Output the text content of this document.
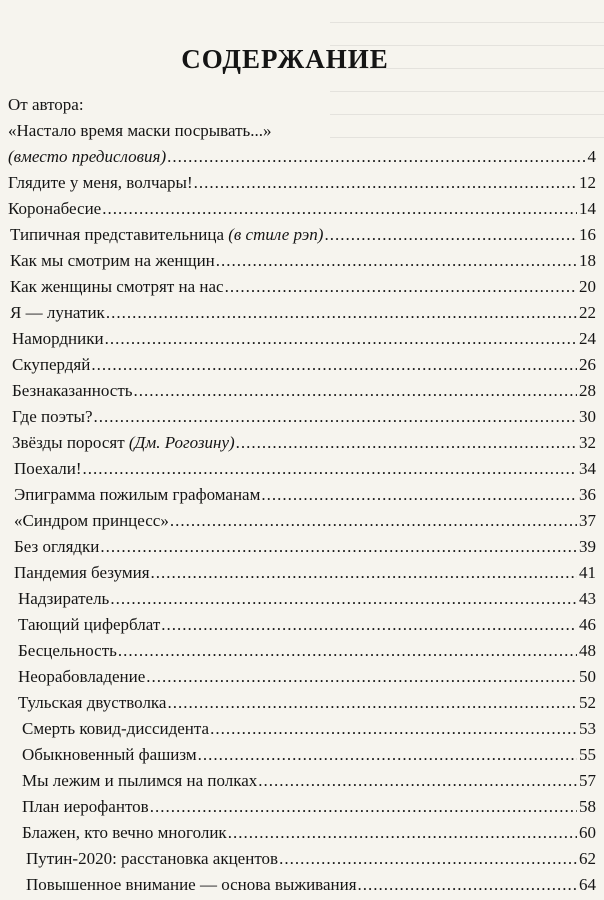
СОДЕРЖАНИЕ
От автора:
«Настало время маски посрывать...»
(вместо предисловия) .....	4
Глядите у меня, волчары! .....	12
Коронабесие .....	14
Типичная представительница (в стиле рэп) .....	16
Как мы смотрим на женщин .....	18
Как женщины смотрят на нас .....	20
Я — лунатик .....	22
Намордники .....	24
Скупердяй .....	26
Безнаказанность .....	28
Где поэты? .....	30
Звёзды поросят (Дм. Рогозину) .....	32
Поехали! .....	34
Эпиграмма пожилым графоманам .....	36
«Синдром принцесс» .....	37
Без оглядки .....	39
Пандемия безумия .....	41
Надзиратель .....	43
Тающий циферблат .....	46
Бесцельность .....	48
Неорабовладение .....	50
Тульская двустволка .....	52
Смерть ковид-диссидента .....	53
Обыкновенный фашизм .....	55
Мы лежим и пылимся на полках .....	57
План иерофантов .....	58
Блажен, кто вечно многолик .....	60
Путин-2020: расстановка акцентов .....	62
Повышенное внимание — основа выживания .....	64
